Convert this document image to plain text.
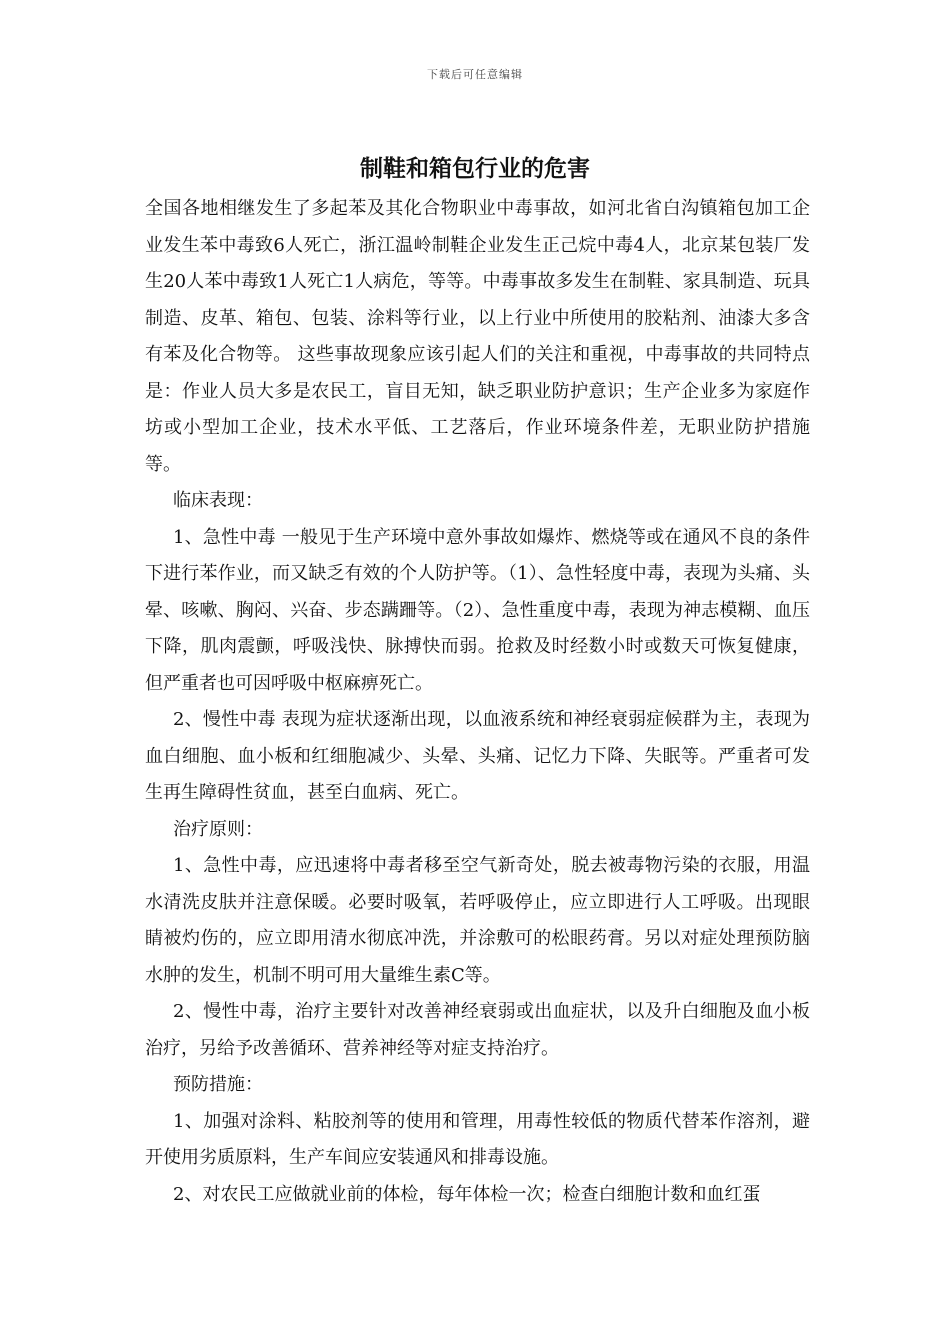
下载后可任意编辑
制鞋和箱包行业的危害

全国各地相继发生了多起苯及其化合物职业中毒事故，如河北省白沟镇箱包加工企业发生苯中毒致6人死亡，浙江温岭制鞋企业发生正己烷中毒4人，北京某包装厂发生20人苯中毒致1人死亡1人病危，等等。中毒事故多发生在制鞋、家具制造、玩具制造、皮革、箱包、包装、涂料等行业，以上行业中所使用的胶粘剂、油漆大多含有苯及化合物等。 这些事故现象应该引起人们的关注和重视，中毒事故的共同特点是：作业人员大多是农民工，盲目无知，缺乏职业防护意识；生产企业多为家庭作坊或小型加工企业，技术水平低、工艺落后，作业环境条件差，无职业防护措施等。

临床表现：

1、急性中毒 一般见于生产环境中意外事故如爆炸、燃烧等或在通风不良的条件下进行苯作业，而又缺乏有效的个人防护等。（1）、急性轻度中毒，表现为头痛、头晕、咳嗽、胸闷、兴奋、步态蹒跚等。（2）、急性重度中毒，表现为神志模糊、血压下降，肌肉震颤，呼吸浅快、脉搏快而弱。抢救及时经数小时或数天可恢复健康，但严重者也可因呼吸中枢麻痹死亡。

2、慢性中毒 表现为症状逐渐出现，以血液系统和神经衰弱症候群为主，表现为血白细胞、血小板和红细胞减少、头晕、头痛、记忆力下降、失眠等。严重者可发生再生障碍性贫血，甚至白血病、死亡。

治疗原则：

1、急性中毒，应迅速将中毒者移至空气新奇处，脱去被毒物污染的衣服，用温水清洗皮肤并注意保暖。必要时吸氧，若呼吸停止，应立即进行人工呼吸。出现眼睛被灼伤的，应立即用清水彻底冲洗，并涂敷可的松眼药膏。另以对症处理预防脑水肿的发生，机制不明可用大量维生素C等。

2、慢性中毒，治疗主要针对改善神经衰弱或出血症状，以及升白细胞及血小板治疗，另给予改善循环、营养神经等对症支持治疗。

预防措施：

1、加强对涂料、粘胶剂等的使用和管理，用毒性较低的物质代替苯作溶剂，避开使用劣质原料，生产车间应安装通风和排毒设施。

2、对农民工应做就业前的体检，每年体检一次；检查白细胞计数和血红蛋
